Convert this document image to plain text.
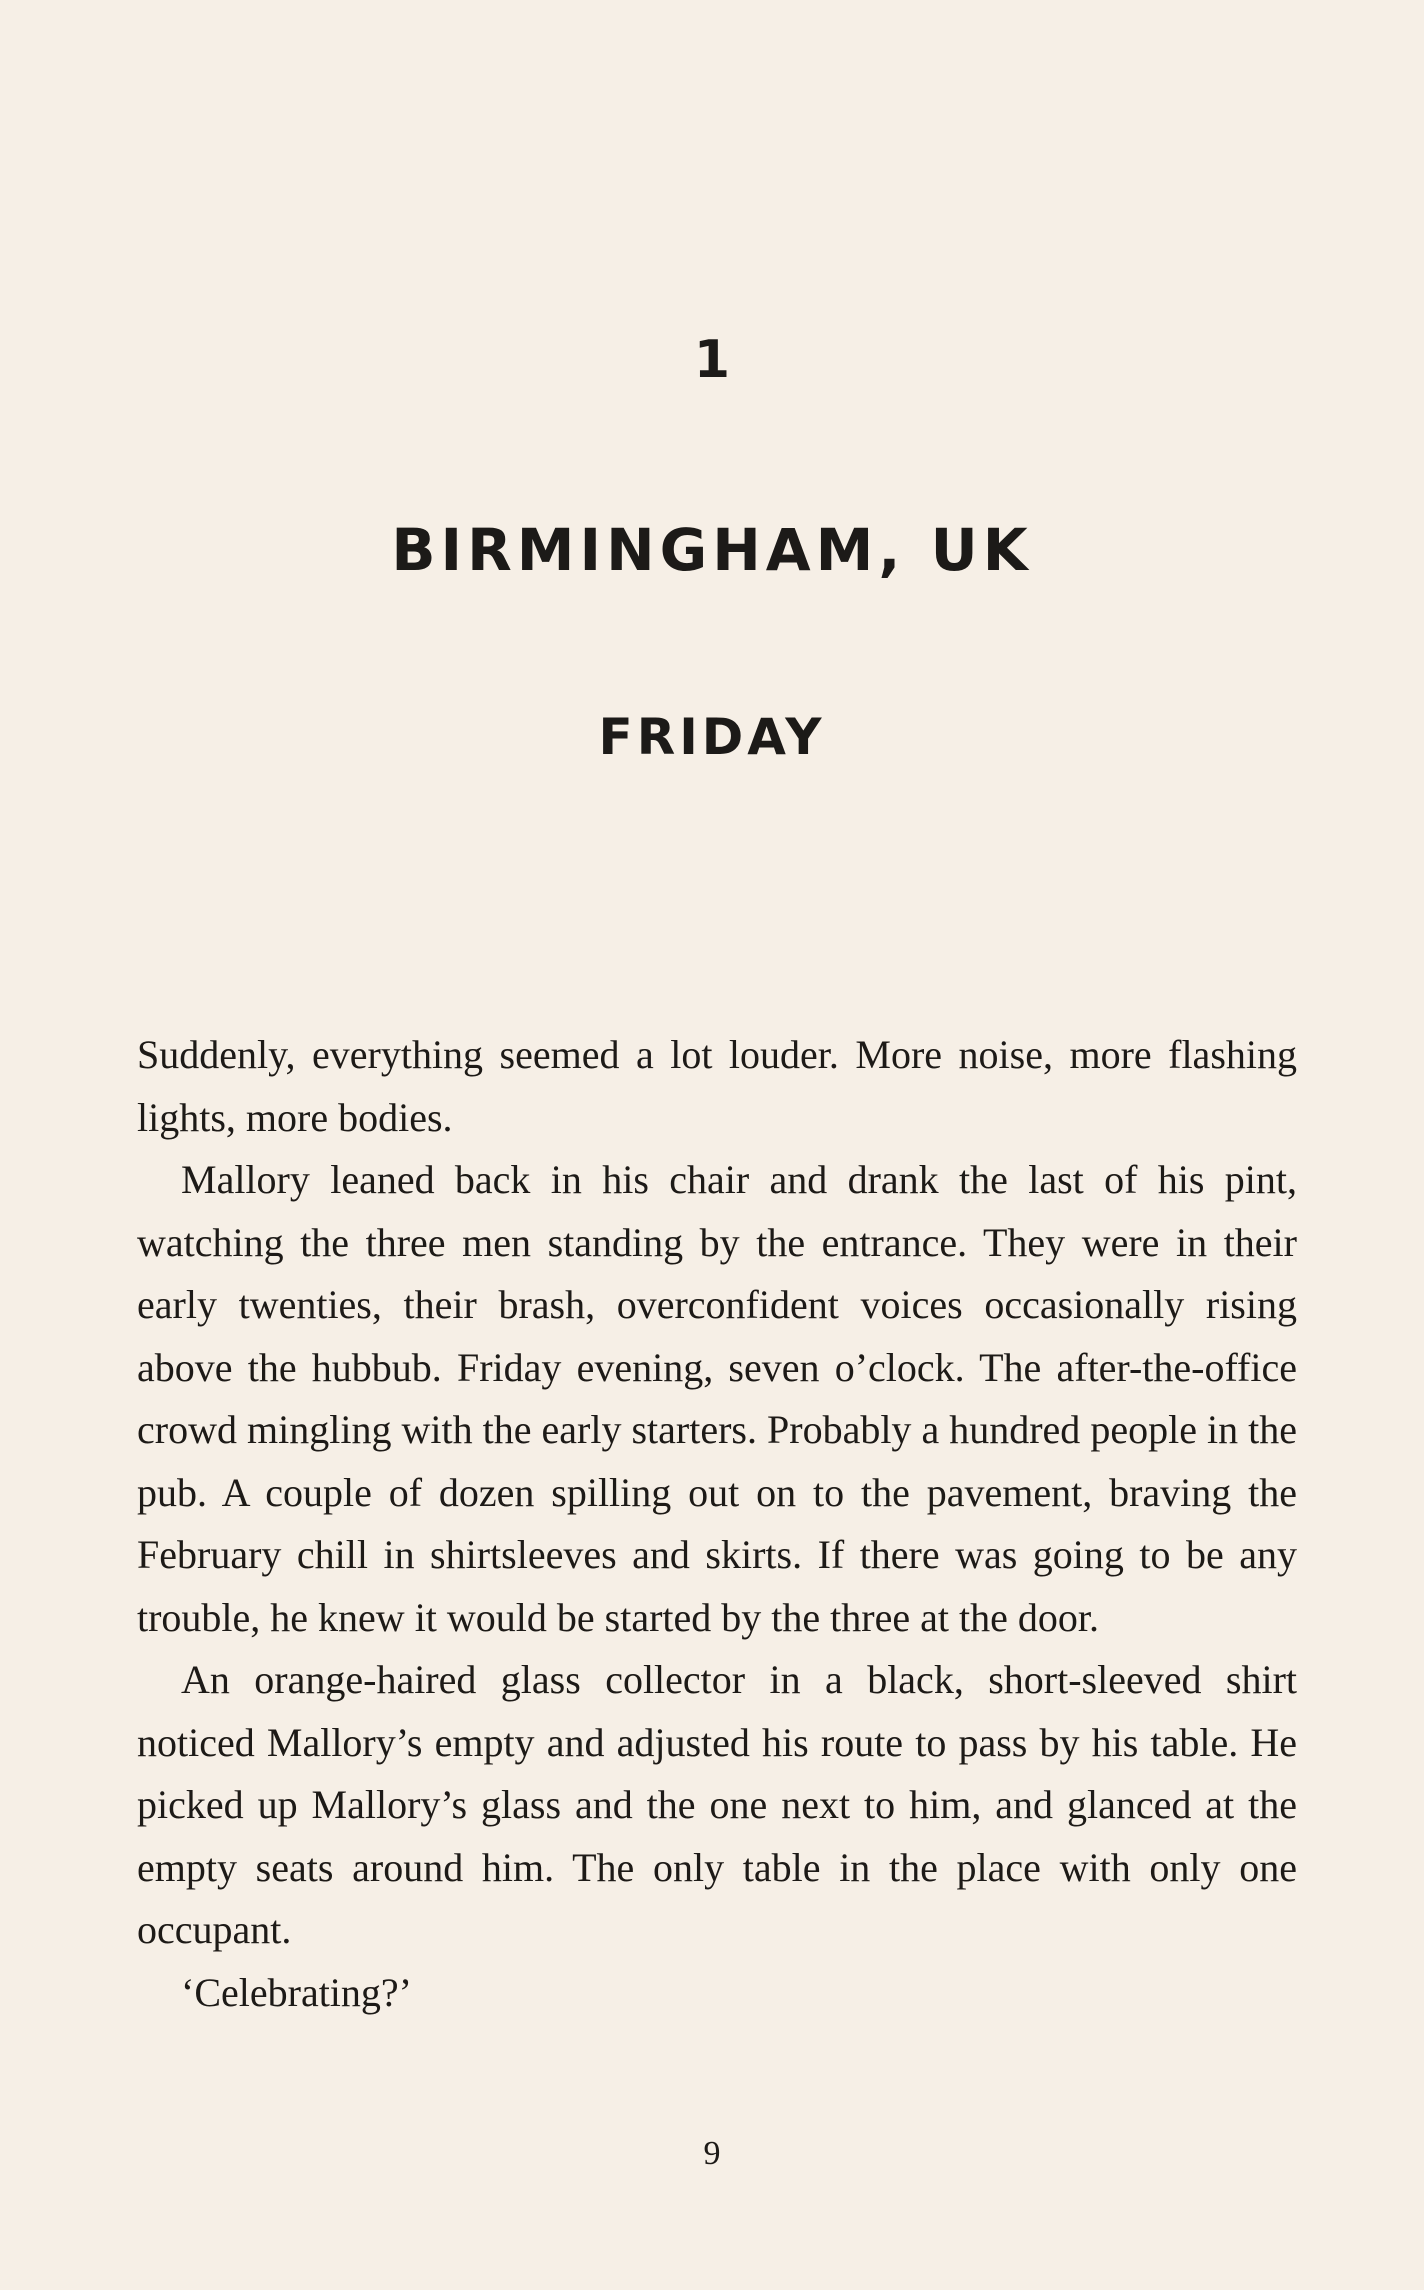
1
BIRMINGHAM, UK
FRIDAY

Suddenly, everything seemed a lot louder. More noise, more flashing lights, more bodies.

Mallory leaned back in his chair and drank the last of his pint, watching the three men standing by the entrance. They were in their early twenties, their brash, overconfident voices occasionally rising above the hubbub. Friday evening, seven o’clock. The after-the-office crowd mingling with the early starters. Probably a hundred people in the pub. A couple of dozen spilling out on to the pavement, braving the February chill in shirtsleeves and skirts. If there was going to be any trouble, he knew it would be started by the three at the door.

An orange-haired glass collector in a black, short-sleeved shirt noticed Mallory’s empty and adjusted his route to pass by his table. He picked up Mallory’s glass and the one next to him, and glanced at the empty seats around him. The only table in the place with only one occupant.

‘Celebrating?’

9
